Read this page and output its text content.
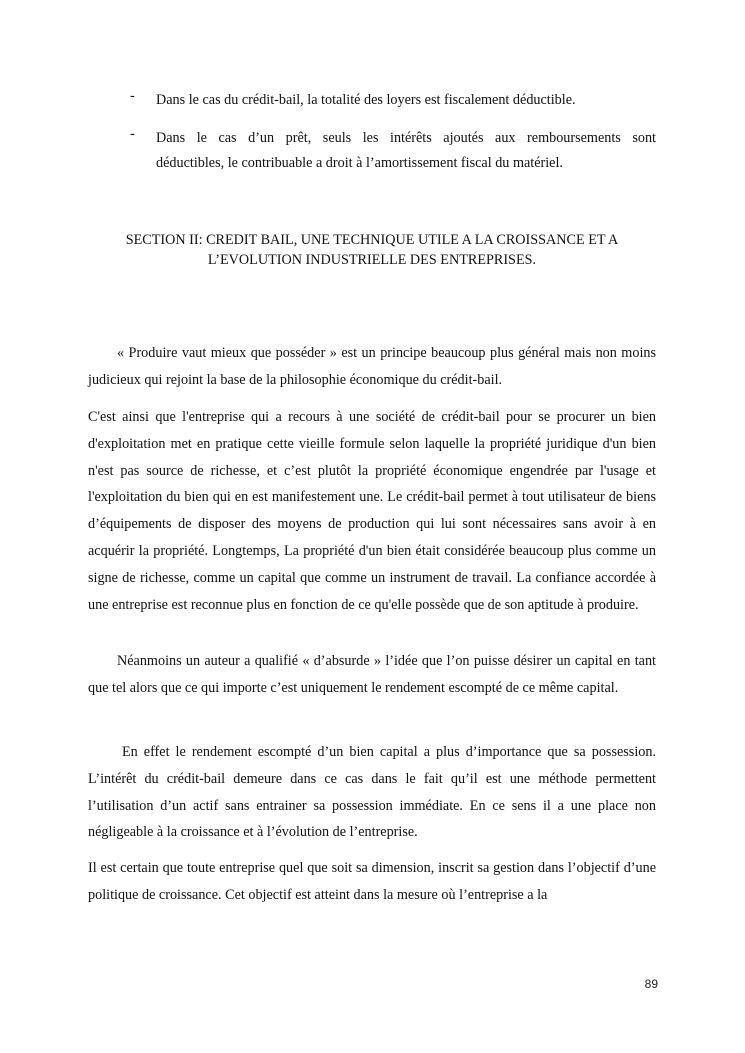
- Dans le cas du crédit-bail, la totalité des loyers est fiscalement déductible.
- Dans le cas d’un prêt, seuls les intérêts ajoutés aux remboursements sont
déductibles, le contribuable a droit à l’amortissement fiscal du matériel.
SECTION II: CREDIT BAIL, UNE TECHNIQUE UTILE A LA CROISSANCE ET A
L’EVOLUTION INDUSTRIELLE DES ENTREPRISES.

« Produire vaut mieux que posséder » est un principe beaucoup plus général mais non moins judicieux qui rejoint la base de la philosophie économique du crédit-bail.

C'est ainsi que l'entreprise qui a recours à une société de crédit-bail pour se procurer un bien d'exploitation met en pratique cette vieille formule selon laquelle la propriété juridique d'un bien n'est pas source de richesse, et c’est plutôt la propriété économique engendrée par l'usage et l'exploitation du bien qui en est manifestement une. Le crédit-bail permet à tout utilisateur de biens d’équipements de disposer des moyens de production qui lui sont nécessaires sans avoir à en acquérir la propriété. Longtemps, La propriété d'un bien était considérée beaucoup plus comme un signe de richesse, comme un capital que comme un instrument de travail. La confiance accordée à une entreprise est reconnue plus en fonction de ce qu'elle possède que de son aptitude à produire.

Néanmoins un auteur a qualifié « d’absurde » l’idée que l’on puisse désirer un capital en tant que tel alors que ce qui importe c’est uniquement le rendement escompté de ce même capital.

En effet le rendement escompté d’un bien capital a plus d’importance que sa possession. L’intérêt du crédit-bail demeure dans ce cas dans le fait qu’il est une méthode permettent l’utilisation d’un actif sans entrainer sa possession immédiate. En ce sens il a une place non négligeable à la croissance et à l’évolution de l’entreprise.

Il est certain que toute entreprise quel que soit sa dimension, inscrit sa gestion dans l’objectif d’une politique de croissance. Cet objectif est atteint dans la mesure où l’entreprise a la

89
